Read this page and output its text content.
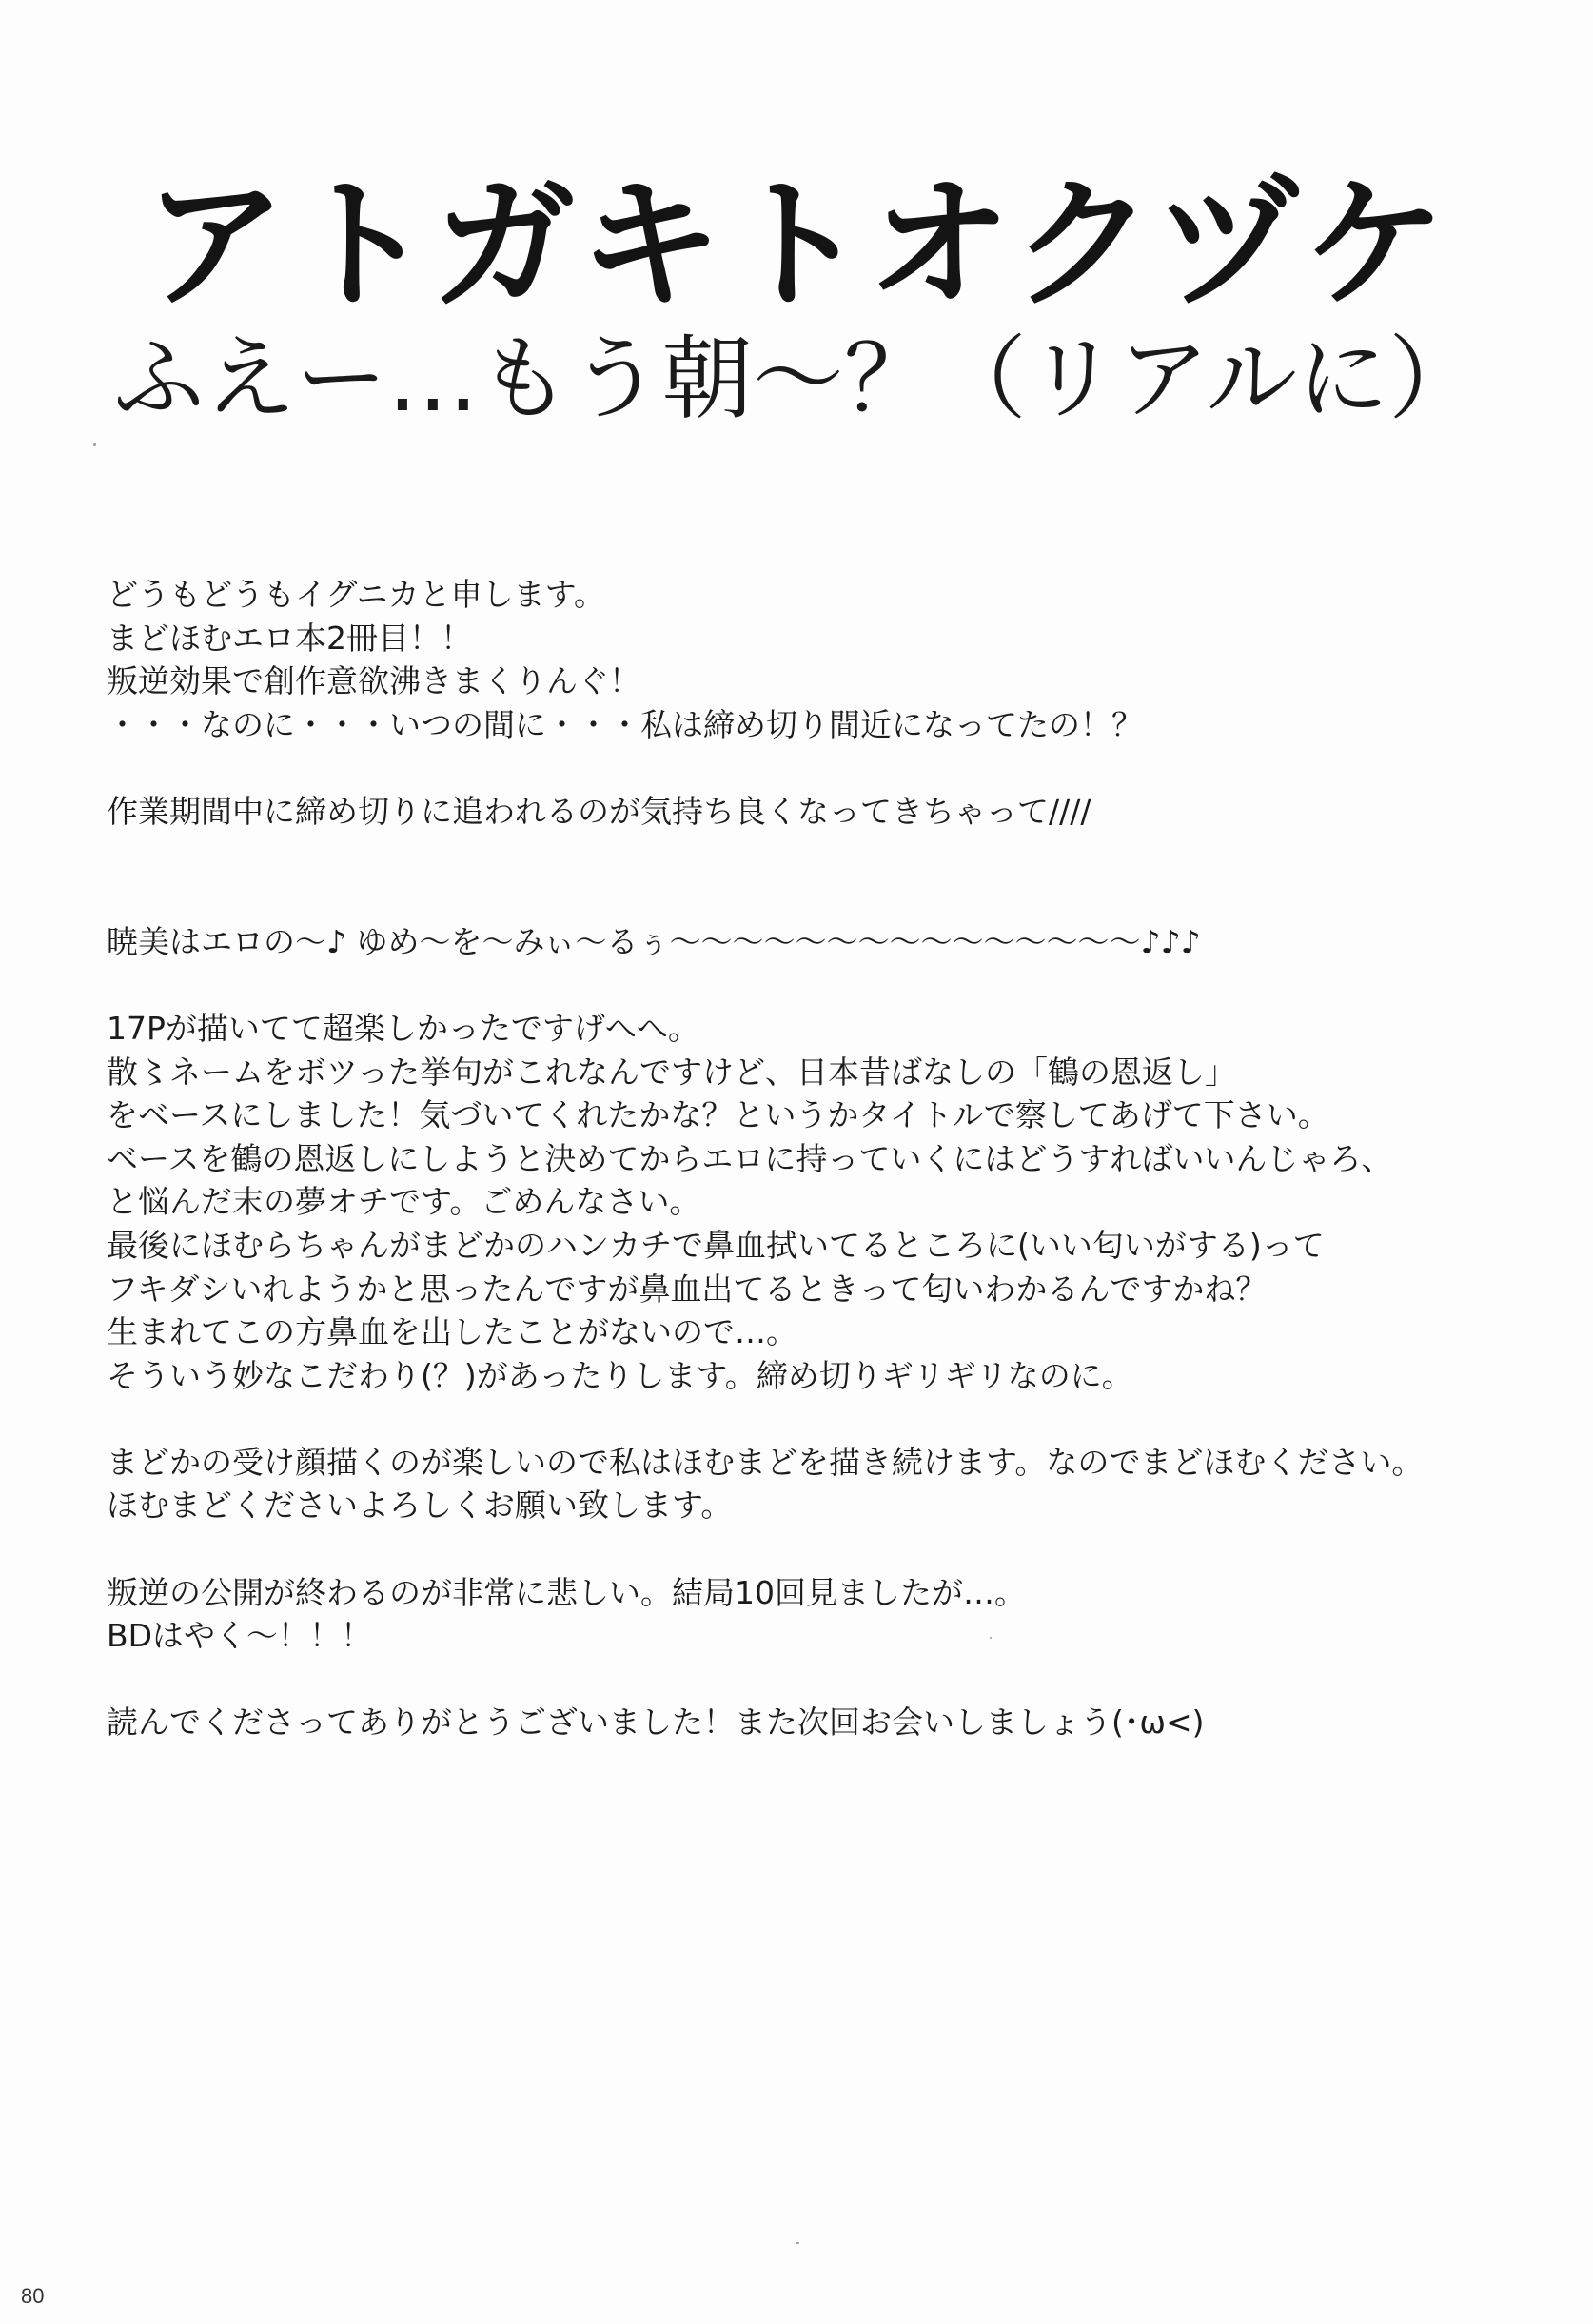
アトガキトオクヅケ
ふえー…もう朝～？（リアルに）
どうもどうもイグニカと申します。
まどほむエロ本2冊目！！
叛逆効果で創作意欲沸きまくりんぐ！
・・・なのに・・・いつの間に・・・私は締め切り間近になってたの！？
作業期間中に締め切りに追われるのが気持ち良くなってきちゃって////
暁美はエロの～♪ ゆめ～を～みぃ～るぅ～～～～～～～～～～～～～～～♪♪♪
17Pが描いてて超楽しかったですげへへ。
散〻ネームをボツった挙句がこれなんですけど、日本昔ばなしの「鶴の恩返し」
をベースにしました！気づいてくれたかな？というかタイトルで察してあげて下さい。
ベースを鶴の恩返しにしようと決めてからエロに持っていくにはどうすればいいんじゃろ、
と悩んだ末の夢オチです。ごめんなさい。
最後にほむらちゃんがまどかのハンカチで鼻血拭いてるところに(いい匂いがする)って
フキダシいれようかと思ったんですが鼻血出てるときって匂いわかるんですかね？
生まれてこの方鼻血を出したことがないので…。
そういう妙なこだわり(？)があったりします。締め切りギリギリなのに。
まどかの受け顔描くのが楽しいので私はほむまどを描き続けます。なのでまどほむください。
ほむまどくださいよろしくお願い致します。
叛逆の公開が終わるのが非常に悲しい。結局10回見ましたが…。
BDはやく～！！！
読んでくださってありがとうございました！また次回お会いしましょう(･ω<)
80
